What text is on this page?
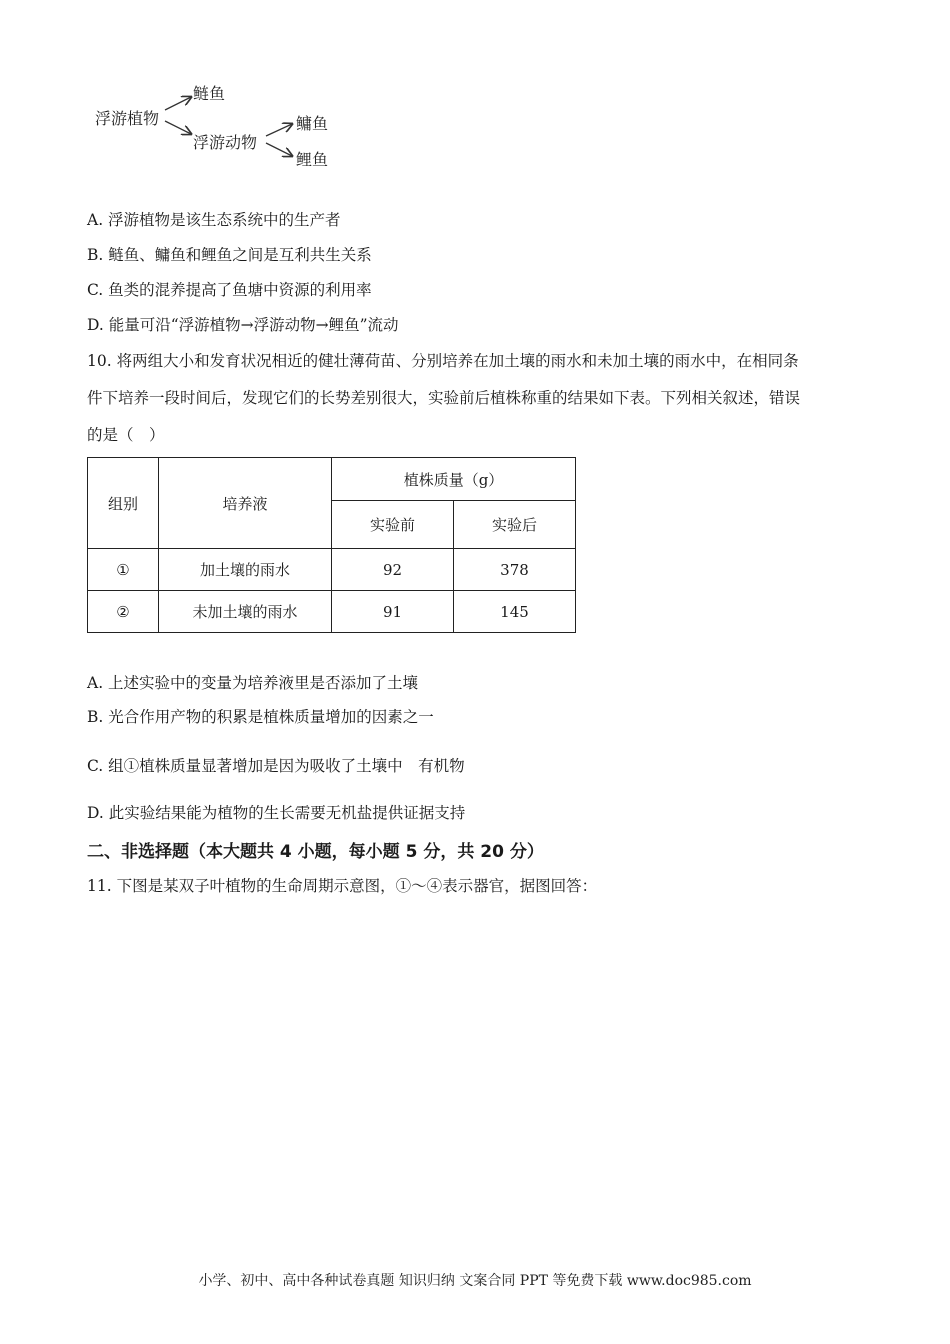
浮游植物
鲢鱼
浮游动物
鳙鱼
鲤鱼
A. 浮游植物是该生态系统中的生产者
B. 鲢鱼、鳙鱼和鲤鱼之间是互利共生关系
C. 鱼类的混养提高了鱼塘中资源的利用率
D. 能量可沿“浮游植物→浮游动物→鲤鱼”流动
10. 将两组大小和发育状况相近的健壮薄荷苗、分别培养在加土壤的雨水和未加土壤的雨水中，在相同条
件下培养一段时间后，发现它们的长势差别很大，实验前后植株称重的结果如下表。下列相关叙述，错误
的是（　）
组别	培养液	植株质量（g）	
		实验前	实验后
①	加土壤的雨水	92	378
②	未加土壤的雨水	91	145
A. 上述实验中的变量为培养液里是否添加了土壤
B. 光合作用产物的积累是植株质量增加的因素之一
C. 组①植株质量显著增加是因为吸收了土壤中　有机物
D. 此实验结果能为植物的生长需要无机盐提供证据支持
二、非选择题（本大题共 4 小题，每小题 5 分，共 20 分）
11. 下图是某双子叶植物的生命周期示意图，①～④表示器官，据图回答：
小学、初中、高中各种试卷真题 知识归纳 文案合同 PPT 等免费下载 www.doc985.com
